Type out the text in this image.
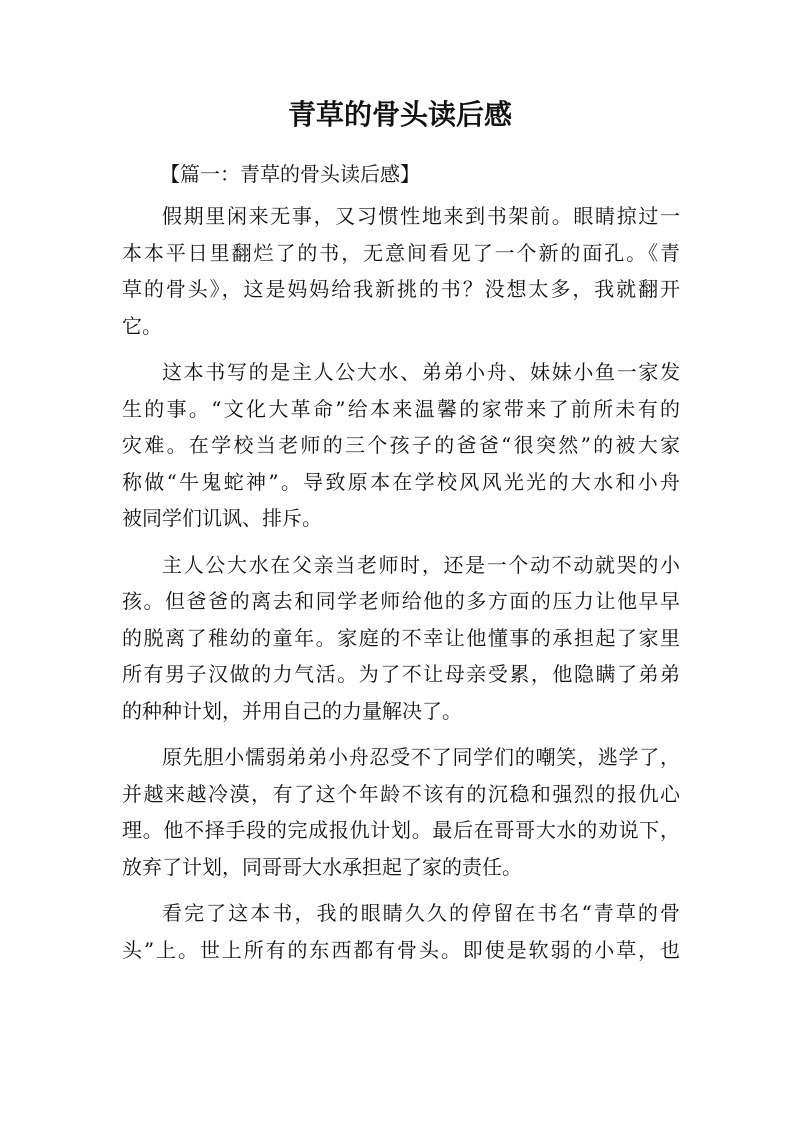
青草的骨头读后感

【篇一：青草的骨头读后感】

假期里闲来无事，又习惯性地来到书架前。眼睛掠过一
本本平日里翻烂了的书，无意间看见了一个新的面孔。《青
草的骨头》，这是妈妈给我新挑的书？没想太多，我就翻开
它。
这本书写的是主人公大水、弟弟小舟、妹妹小鱼一家发
生的事。“文化大革命”给本来温馨的家带来了前所未有的
灾难。在学校当老师的三个孩子的爸爸“很突然”的被大家
称做“牛鬼蛇神”。导致原本在学校风风光光的大水和小舟
被同学们讥讽、排斥。
主人公大水在父亲当老师时，还是一个动不动就哭的小
孩。但爸爸的离去和同学老师给他的多方面的压力让他早早
的脱离了稚幼的童年。家庭的不幸让他懂事的承担起了家里
所有男子汉做的力气活。为了不让母亲受累，他隐瞒了弟弟
的种种计划，并用自己的力量解决了。
原先胆小懦弱弟弟小舟忍受不了同学们的嘲笑，逃学了，
并越来越冷漠，有了这个年龄不该有的沉稳和强烈的报仇心
理。他不择手段的完成报仇计划。最后在哥哥大水的劝说下，
放弃了计划，同哥哥大水承担起了家的责任。
看完了这本书，我的眼睛久久的停留在书名“青草的骨
头”上。世上所有的东西都有骨头。即使是软弱的小草，也
